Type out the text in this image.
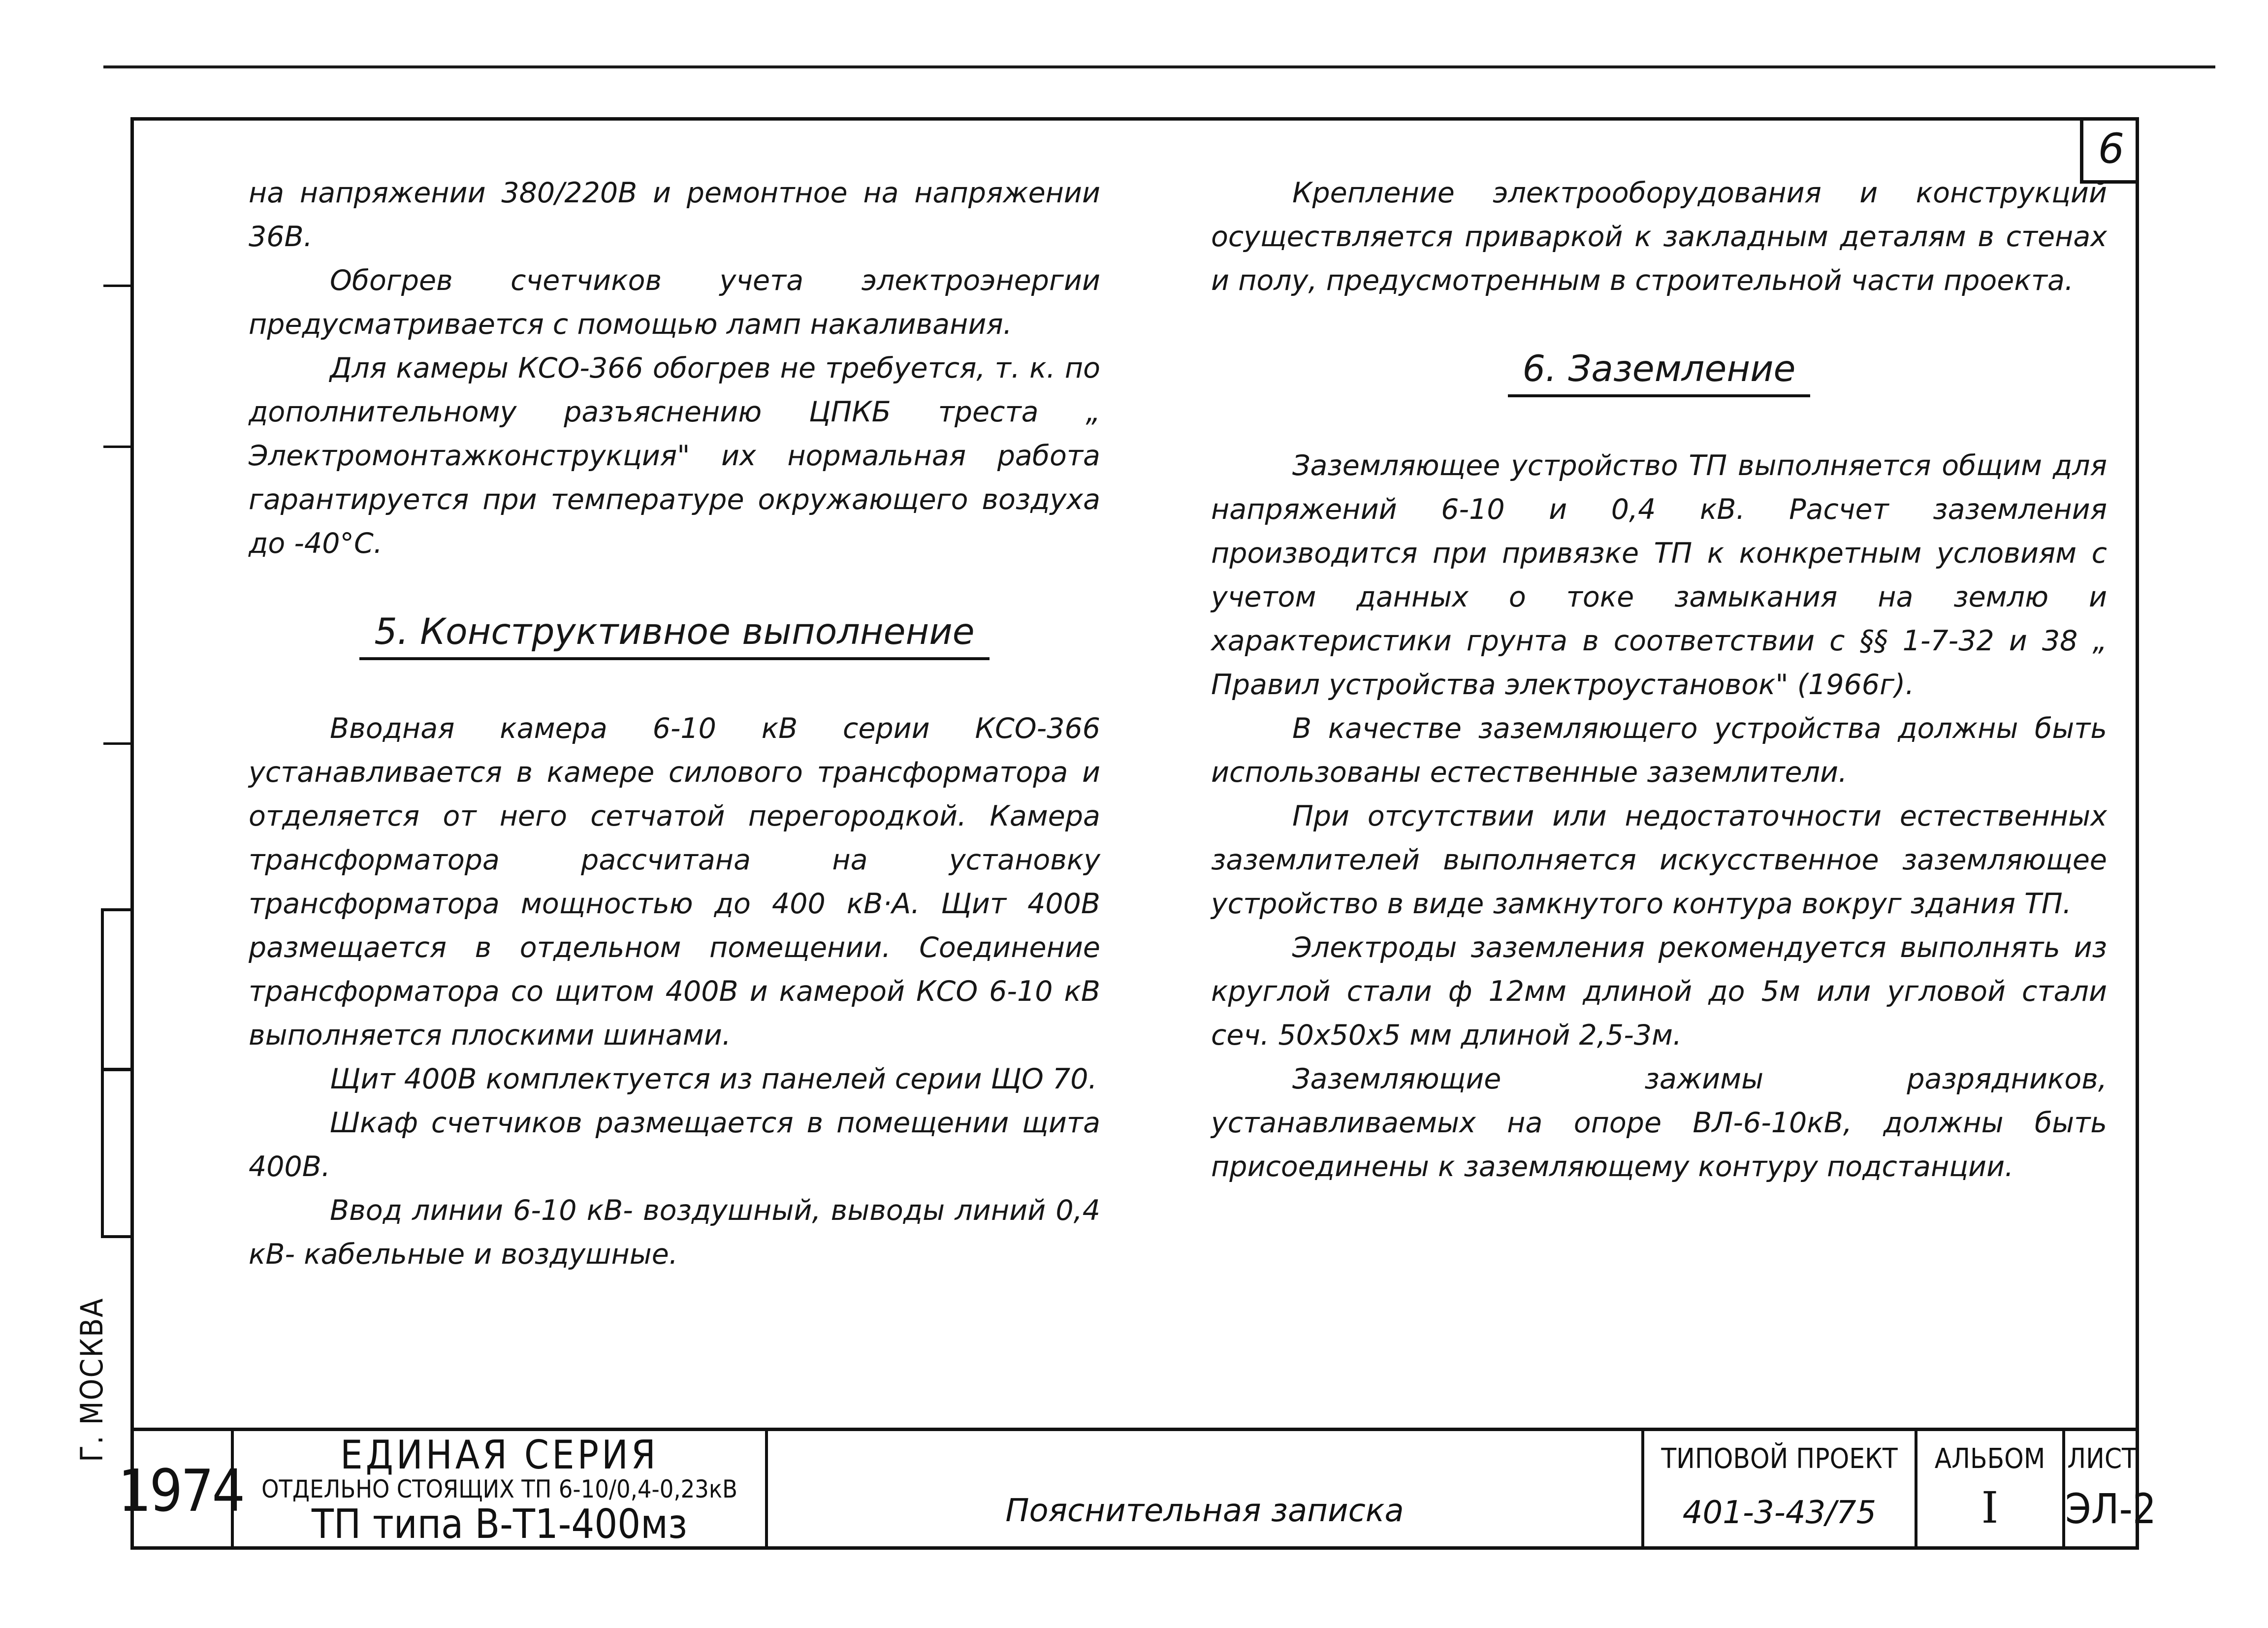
Г. МОСКВА
6

на напряжении 380/220В и ремонтное на напряжении 36В.

Обогрев счетчиков учета электроэнергии предусматривается с помощью ламп накаливания.

Для камеры КСО-366 обогрев не требуется, т. к. по дополнительному разъяснению ЦПКБ треста „ Электромонтажконструкция" их нормальная работа гарантируется при температуре окружающего воздуха до -40°С.

5. Конструктивное выполнение

Вводная камера 6-10 кВ серии КСО-366 устанавливается в камере силового трансформатора и отделяется от него сетчатой перегородкой. Камера трансформатора рассчитана на установку трансформатора мощностью до 400 кВ·А. Щит 400В размещается в отдельном помещении. Соединение трансформатора со щитом 400В и камерой КСО 6-10 кВ выполняется плоскими шинами.

Щит 400В комплектуется из панелей серии ЩО 70.

Шкаф счетчиков размещается в помещении щита 400В.

Ввод линии 6-10 кВ- воздушный, выводы линий 0,4 кВ- кабельные и воздушные.

Крепление электрооборудования и конструкций осуществляется приваркой к закладным деталям в стенах и полу, предусмотренным в строительной части проекта.

6. Заземление

Заземляющее устройство ТП выполняется общим для напряжений 6-10 и 0,4 кВ. Расчет заземления производится при привязке ТП к конкретным условиям с учетом данных о токе замыкания на землю и характеристики грунта в соответствии с §§ 1-7-32 и 38 „ Правил устройства электроустановок" (1966г).

В качестве заземляющего устройства должны быть использованы естественные заземлители.

При отсутствии или недостаточности естественных заземлителей выполняется искусственное заземляющее устройство в виде замкнутого контура вокруг здания ТП.

Электроды заземления рекомендуется выполнять из круглой стали ф 12мм длиной до 5м или угловой стали сеч. 50х50х5 мм длиной 2,5-3м.

Заземляющие зажимы разрядников, устанавливаемых на опоре ВЛ-6-10кВ, должны быть присоединены к заземляющему контуру подстанции.

1974
ЕДИНАЯ СЕРИЯ
ОТДЕЛЬНО СТОЯЩИХ ТП 6-10/0,4-0,23кВ
ТП типа В-Т1-400мз	Пояснительная записка
ТИПОВОЙ ПРОЕКТ
401-3-43/75
АЛЬБОМ
I
ЛИСТ
ЭЛ-2
